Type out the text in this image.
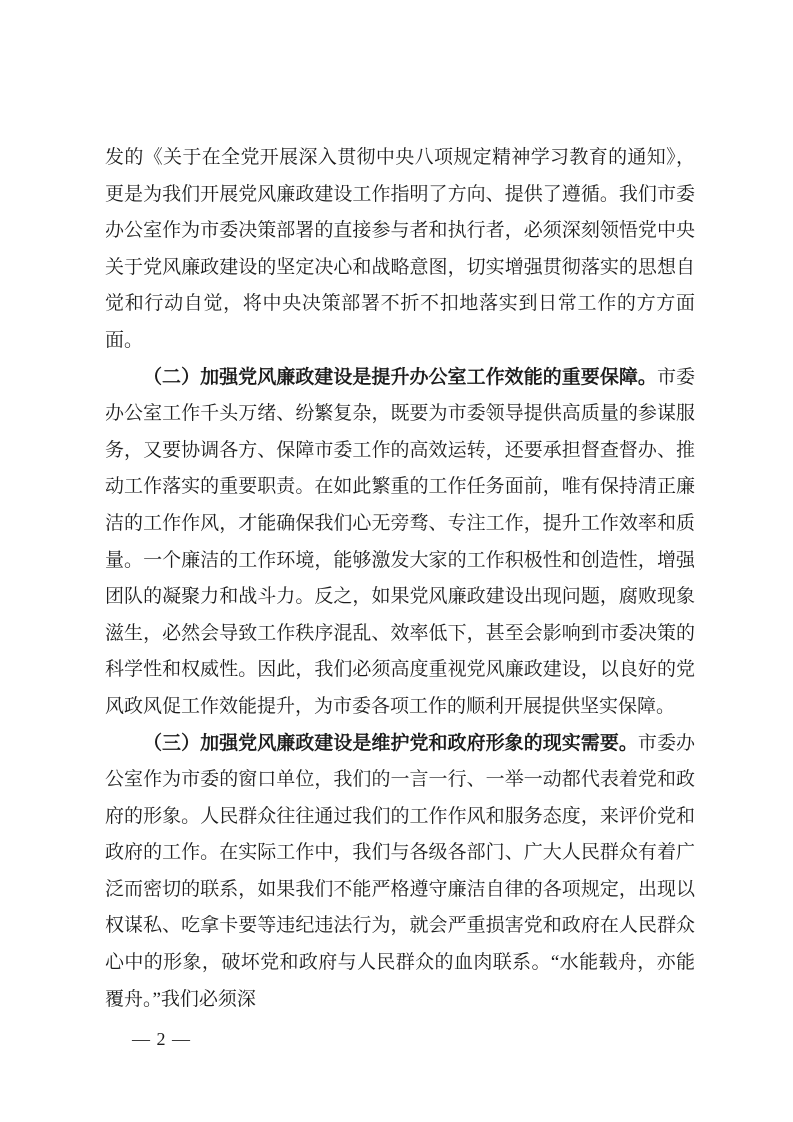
发的《关于在全党开展深入贯彻中央八项规定精神学习教育的通知》，更是为我们开展党风廉政建设工作指明了方向、提供了遵循。我们市委办公室作为市委决策部署的直接参与者和执行者，必须深刻领悟党中央关于党风廉政建设的坚定决心和战略意图，切实增强贯彻落实的思想自觉和行动自觉，将中央决策部署不折不扣地落实到日常工作的方方面面。

（二）加强党风廉政建设是提升办公室工作效能的重要保障。市委办公室工作千头万绪、纷繁复杂，既要为市委领导提供高质量的参谋服务，又要协调各方、保障市委工作的高效运转，还要承担督查督办、推动工作落实的重要职责。在如此繁重的工作任务面前，唯有保持清正廉洁的工作作风，才能确保我们心无旁骛、专注工作，提升工作效率和质量。一个廉洁的工作环境，能够激发大家的工作积极性和创造性，增强团队的凝聚力和战斗力。反之，如果党风廉政建设出现问题，腐败现象滋生，必然会导致工作秩序混乱、效率低下，甚至会影响到市委决策的科学性和权威性。因此，我们必须高度重视党风廉政建设，以良好的党风政风促工作效能提升，为市委各项工作的顺利开展提供坚实保障。

（三）加强党风廉政建设是维护党和政府形象的现实需要。市委办公室作为市委的窗口单位，我们的一言一行、一举一动都代表着党和政府的形象。人民群众往往通过我们的工作作风和服务态度，来评价党和政府的工作。在实际工作中，我们与各级各部门、广大人民群众有着广泛而密切的联系，如果我们不能严格遵守廉洁自律的各项规定，出现以权谋私、吃拿卡要等违纪违法行为，就会严重损害党和政府在人民群众心中的形象，破坏党和政府与人民群众的血肉联系。“水能载舟，亦能覆舟。”我们必须深

— 2 —
